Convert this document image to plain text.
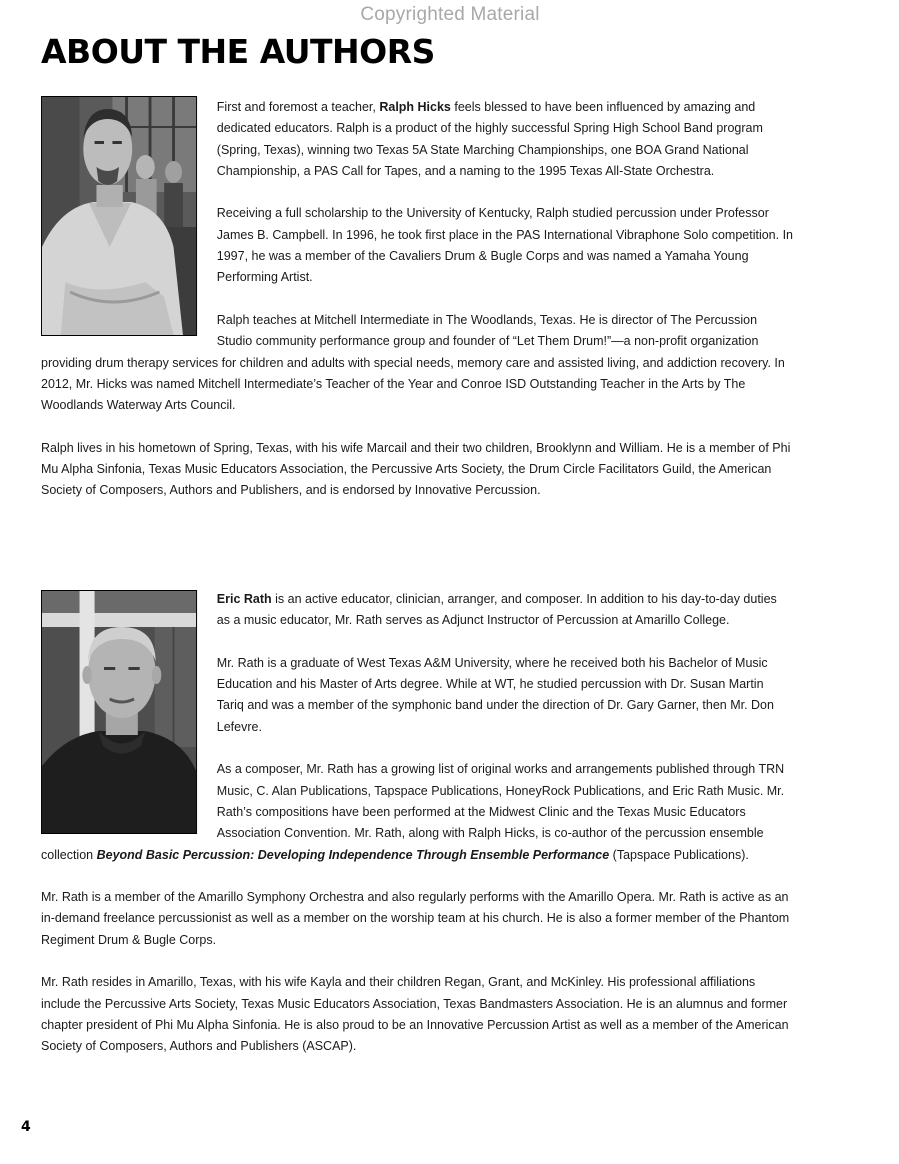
Copyrighted Material
ABOUT THE AUTHORS

First and foremost a teacher, Ralph Hicks feels blessed to have been influenced by amazing and dedicated educators. Ralph is a product of the highly successful Spring High School Band program (Spring, Texas), winning two Texas 5A State Marching Championships, one BOA Grand National Championship, a PAS Call for Tapes, and a naming to the 1995 Texas All-State Orchestra.

Receiving a full scholarship to the University of Kentucky, Ralph studied percussion under Professor James B. Campbell. In 1996, he took first place in the PAS International Vibraphone Solo competition. In 1997, he was a member of the Cavaliers Drum & Bugle Corps and was named a Yamaha Young Performing Artist.

Ralph teaches at Mitchell Intermediate in The Woodlands, Texas. He is director of The Percussion Studio community performance group and founder of “Let Them Drum!”—a non-profit organization providing drum therapy services for children and adults with special needs, memory care and assisted living, and addiction recovery. In 2012, Mr. Hicks was named Mitchell Intermediate’s Teacher of the Year and Conroe ISD Outstanding Teacher in the Arts by The Woodlands Waterway Arts Council.

Ralph lives in his hometown of Spring, Texas, with his wife Marcail and their two children, Brooklynn and William. He is a member of Phi Mu Alpha Sinfonia, Texas Music Educators Association, the Percussive Arts Society, the Drum Circle Facilitators Guild, the American Society of Composers, Authors and Publishers, and is endorsed by Innovative Percussion.

Eric Rath is an active educator, clinician, arranger, and composer. In addition to his day-to-day duties as a music educator, Mr. Rath serves as Adjunct Instructor of Percussion at Amarillo College.

Mr. Rath is a graduate of West Texas A&M University, where he received both his Bachelor of Music Education and his Master of Arts degree. While at WT, he studied percussion with Dr. Susan Martin Tariq and was a member of the symphonic band under the direction of Dr. Gary Garner, then Mr. Don Lefevre.

As a composer, Mr. Rath has a growing list of original works and arrangements published through TRN Music, C. Alan Publications, Tapspace Publications, HoneyRock Publications, and Eric Rath Music. Mr. Rath’s compositions have been performed at the Midwest Clinic and the Texas Music Educators Association Convention. Mr. Rath, along with Ralph Hicks, is co-author of the percussion ensemble collection Beyond Basic Percussion: Developing Independence Through Ensemble Performance (Tapspace Publications).

Mr. Rath is a member of the Amarillo Symphony Orchestra and also regularly performs with the Amarillo Opera. Mr. Rath is active as an in-demand freelance percussionist as well as a member on the worship team at his church. He is also a former member of the Phantom Regiment Drum & Bugle Corps.

Mr. Rath resides in Amarillo, Texas, with his wife Kayla and their children Regan, Grant, and McKinley. His professional affiliations include the Percussive Arts Society, Texas Music Educators Association, Texas Bandmasters Association. He is an alumnus and former chapter president of Phi Mu Alpha Sinfonia. He is also proud to be an Innovative Percussion Artist as well as a member of the American Society of Composers, Authors and Publishers (ASCAP).

4
